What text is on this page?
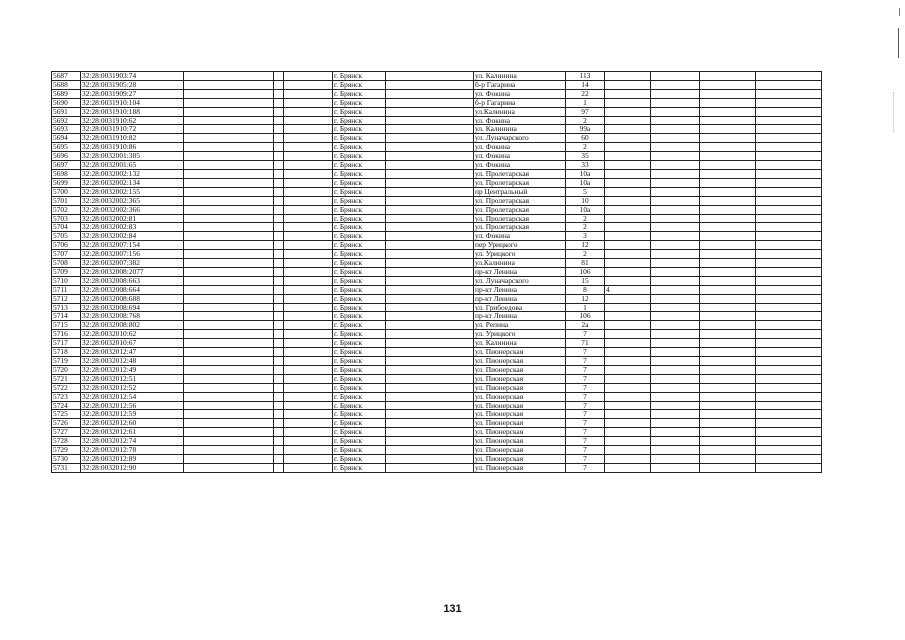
5687	32:28:0031903:74				г. Брянск		ул. Калинина	113				
5688	32:28:0031905:28				г. Брянск		б-р Гагарина	14				
5689	32:28:0031909:27				г. Брянск		ул. Фокина	22				
5690	32:28:0031910:104				г. Брянск		б-р Гагарина	1				
5691	32:28:0031910:188				г. Брянск		ул.Калинина	97				
5692	32:28:0031910:62				г. Брянск		ул. Фокина	2				
5693	32:28:0031910:72				г. Брянск		ул. Калинина	99а				
5694	32:28:0031910:82				г. Брянск		ул. Луначарского	60				
5695	32:28:0031910:86				г. Брянск		ул. Фокина	2				
5696	32:28:0032001:385				г. Брянск		ул. Фокина	35				
5697	32:28:0032001:65				г. Брянск		ул. Фокина	33				
5698	32:28:0032002:132				г. Брянск		ул. Пролетарская	10а				
5699	32:28:0032002:134				г. Брянск		ул. Пролетарская	10а				
5700	32:28:0032002:155				г. Брянск		пр Центральный	5				
5701	32:28:0032002:365				г. Брянск		ул. Пролетарская	10				
5702	32:28:0032002:366				г. Брянск		ул. Пролетарская	10а				
5703	32:28:0032002:81				г. Брянск		ул. Пролетарская	2				
5704	32:28:0032002:83				г. Брянск		ул. Пролетарская	2				
5705	32:28:0032002:84				г. Брянск		ул. Фокина	3				
5706	32:28:0032007:154				г. Брянск		пер Урицкого	12				
5707	32:28:0032007:156				г. Брянск		ул. Урицкого	2				
5708	32:28:0032007:382				г. Брянск		ул.Калинина	81				
5709	32:28:0032008:2077				г. Брянск		пр-кт Ленина	106				
5710	32:28:0032008:663				г. Брянск		ул. Луначарского	15				
5711	32:28:0032008:664				г. Брянск		пр-кт Ленина	8	4			
5712	32:28:0032008:688				г. Брянск		пр-кт Ленина	12				
5713	32:28:0032008:694				г. Брянск		ул. Грибоедова	1				
5714	32:28:0032008:768				г. Брянск		пр-кт Ленина	106				
5715	32:28:0032008:802				г. Брянск		ул. Репина	2а				
5716	32:28:0032010:62				г. Брянск		ул. Урицкого	7				
5717	32:28:0032010:67				г. Брянск		ул. Калинина	71				
5718	32:28:0032012:47				г. Брянск		ул. Пионерская	7				
5719	32:28:0032012:48				г. Брянск		ул. Пионерская	7				
5720	32:28:0032012:49				г. Брянск		ул. Пионерская	7				
5721	32:28:0032012:51				г. Брянск		ул. Пионерская	7				
5722	32:28:0032012:52				г. Брянск		ул. Пионерская	7				
5723	32:28:0032012:54				г. Брянск		ул. Пионерская	7				
5724	32:28:0032012:56				г. Брянск		ул. Пионерская	7				
5725	32:28:0032012:59				г. Брянск		ул. Пионерская	7				
5726	32:28:0032012:60				г. Брянск		ул. Пионерская	7				
5727	32:28:0032012:61				г. Брянск		ул. Пионерская	7				
5728	32:28:0032012:74				г. Брянск		ул. Пионерская	7				
5729	32:28:0032012:78				г. Брянск		ул. Пионерская	7				
5730	32:28:0032012:89				г. Брянск		ул. Пионерская	7				
5731	32:28:0032012:90				г. Брянск		ул. Пионерская	7				
131
